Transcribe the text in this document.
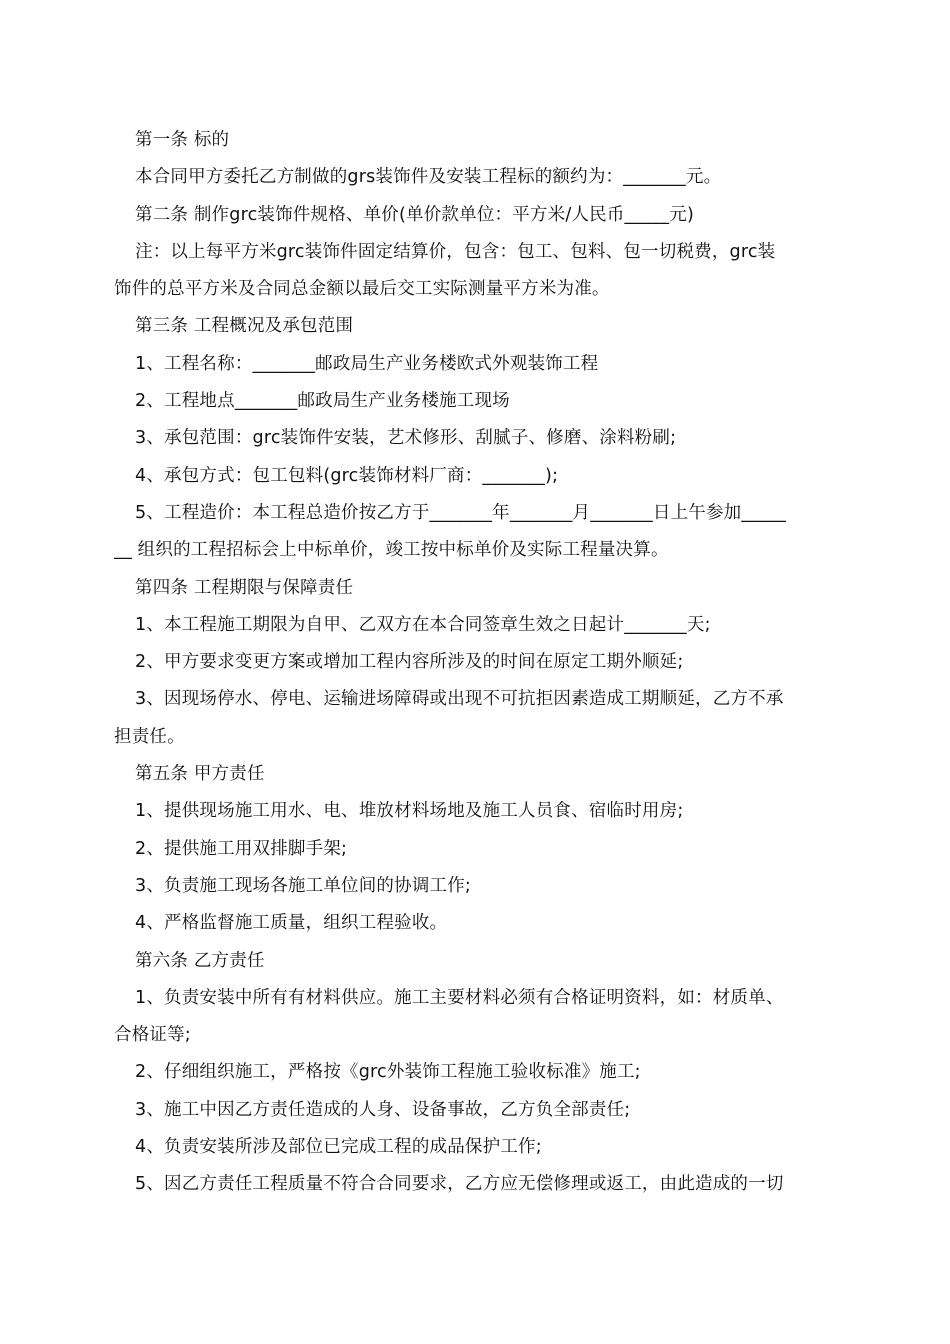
第一条 标的
本合同甲方委托乙方制做的grs装饰件及安装工程标的额约为：_______元。
第二条 制作grc装饰件规格、单价(单价款单位：平方米/人民币_____元)
注：以上每平方米grc装饰件固定结算价，包含：包工、包料、包一切税费，grc装
饰件的总平方米及合同总金额以最后交工实际测量平方米为准。
第三条 工程概况及承包范围
1、工程名称：_______邮政局生产业务楼欧式外观装饰工程
2、工程地点_______邮政局生产业务楼施工现场
3、承包范围：grc装饰件安装，艺术修形、刮腻子、修磨、涂料粉刷;
4、承包方式：包工包料(grc装饰材料厂商：_______);
5、工程造价：本工程总造价按乙方于_______年_______月_______日上午参加_____
__ 组织的工程招标会上中标单价，竣工按中标单价及实际工程量决算。
第四条 工程期限与保障责任
1、本工程施工期限为自甲、乙双方在本合同签章生效之日起计_______天;
2、甲方要求变更方案或增加工程内容所涉及的时间在原定工期外顺延;
3、因现场停水、停电、运输进场障碍或出现不可抗拒因素造成工期顺延，乙方不承
担责任。
第五条 甲方责任
1、提供现场施工用水、电、堆放材料场地及施工人员食、宿临时用房;
2、提供施工用双排脚手架;
3、负责施工现场各施工单位间的协调工作;
4、严格监督施工质量，组织工程验收。
第六条 乙方责任
1、负责安装中所有有材料供应。施工主要材料必须有合格证明资料，如：材质单、
合格证等;
2、仔细组织施工，严格按《grc外装饰工程施工验收标准》施工;
3、施工中因乙方责任造成的人身、设备事故，乙方负全部责任;
4、负责安装所涉及部位已完成工程的成品保护工作;
5、因乙方责任工程质量不符合合同要求，乙方应无偿修理或返工，由此造成的一切
